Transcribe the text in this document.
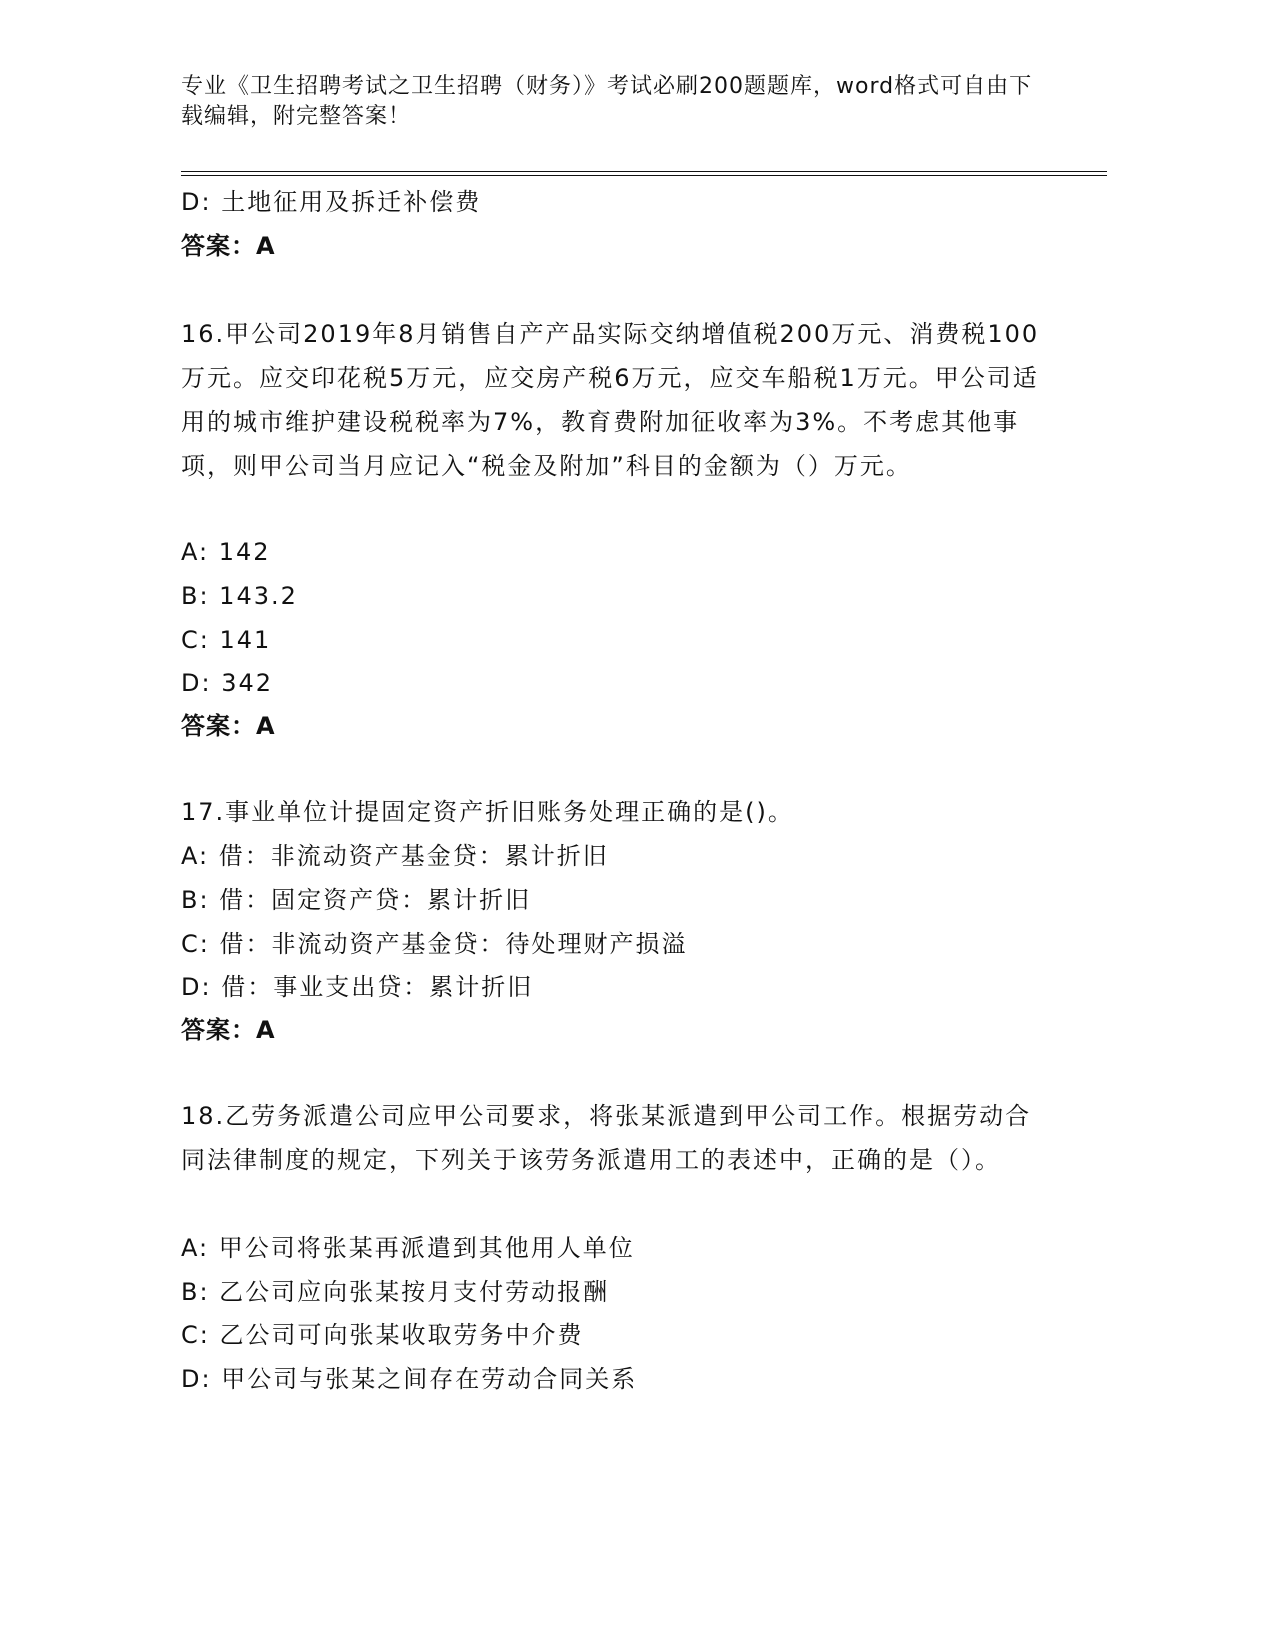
专业《卫生招聘考试之卫生招聘（财务）》考试必刷200题题库，word格式可自由下载编辑，附完整答案！
D: 土地征用及拆迁补偿费
答案：A
16.甲公司2019年8月销售自产产品实际交纳增值税200万元、消费税100万元。应交印花税5万元，应交房产税6万元，应交车船税1万元。甲公司适用的城市维护建设税税率为7%，教育费附加征收率为3%。不考虑其他事项，则甲公司当月应记入“税金及附加”科目的金额为（）万元。
A: 142
B: 143.2
C: 141
D: 342
答案：A
17.事业单位计提固定资产折旧账务处理正确的是()。
A: 借：非流动资产基金贷：累计折旧
B: 借：固定资产贷：累计折旧
C: 借：非流动资产基金贷：待处理财产损溢
D: 借：事业支出贷：累计折旧
答案：A
18.乙劳务派遣公司应甲公司要求，将张某派遣到甲公司工作。根据劳动合同法律制度的规定，下列关于该劳务派遣用工的表述中，正确的是（）。
A: 甲公司将张某再派遣到其他用人单位
B: 乙公司应向张某按月支付劳动报酬
C: 乙公司可向张某收取劳务中介费
D: 甲公司与张某之间存在劳动合同关系
